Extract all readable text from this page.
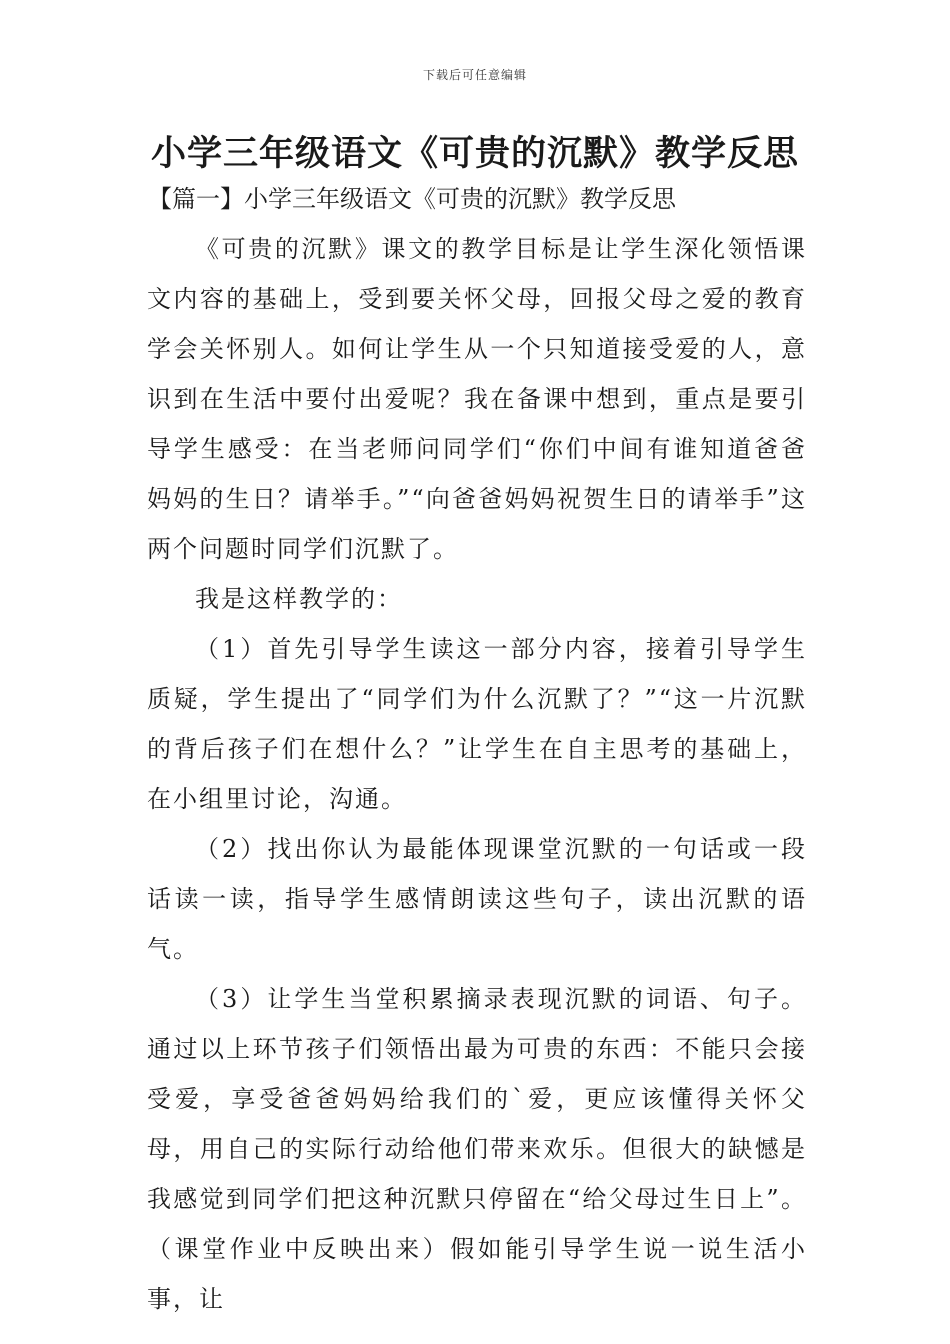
下载后可任意编辑
小学三年级语文《可贵的沉默》教学反思
【篇一】小学三年级语文《可贵的沉默》教学反思

《可贵的沉默》课文的教学目标是让学生深化领悟课文内容的基础上，受到要关怀父母，回报父母之爱的教育学会关怀别人。如何让学生从一个只知道接受爱的人，意识到在生活中要付出爱呢？我在备课中想到，重点是要引导学生感受：在当老师问同学们“你们中间有谁知道爸爸妈妈的生日？请举手。”“向爸爸妈妈祝贺生日的请举手”这两个问题时同学们沉默了。

我是这样教学的：

（1）首先引导学生读这一部分内容，接着引导学生质疑，学生提出了“同学们为什么沉默了？”“这一片沉默的背后孩子们在想什么？”让学生在自主思考的基础上，在小组里讨论，沟通。

（2）找出你认为最能体现课堂沉默的一句话或一段话读一读，指导学生感情朗读这些句子，读出沉默的语气。

（3）让学生当堂积累摘录表现沉默的词语、句子。通过以上环节孩子们领悟出最为可贵的东西：不能只会接受爱，享受爸爸妈妈给我们的`爱，更应该懂得关怀父母，用自己的实际行动给他们带来欢乐。但很大的缺憾是我感觉到同学们把这种沉默只停留在“给父母过生日上”。（课堂作业中反映出来）假如能引导学生说一说生活小事，让
